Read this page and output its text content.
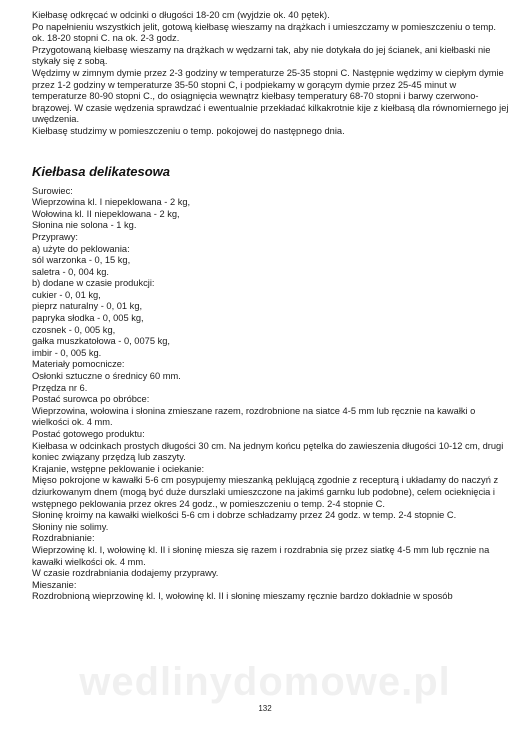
Kiełbasę odkręcać w odcinki o długości 18-20 cm (wyjdzie ok. 40 pętek).

Po napełnieniu wszystkich jelit, gotową kiełbasę wieszamy na drążkach i umieszczamy w pomieszczeniu o temp. ok. 18-20 stopni C. na ok. 2-3 godz.

Przygotowaną kiełbasę wieszamy na drążkach w wędzarni tak, aby nie dotykała do jej ścianek, ani kiełbaski nie stykały się z sobą.

Wędzimy w zimnym dymie przez 2-3 godziny w temperaturze 25-35 stopni C. Następnie wędzimy w ciepłym dymie przez 1-2 godziny w temperaturze 35-50 stopni C, i podpiekamy w gorącym dymie przez 25-45 minut w temperaturze 80-90 stopni C., do osiągnięcia wewnątrz kiełbasy temperatury 68-70 stopni i barwy czerwono-brązowej. W czasie wędzenia sprawdzać i ewentualnie przekładać kilkakrotnie kije z kiełbasą dla równomiernego jej uwędzenia.

Kiełbasę studzimy w pomieszczeniu o temp. pokojowej do następnego dnia.

Kiełbasa delikatesowa

Surowiec:

Wieprzowina kl. I niepeklowana - 2 kg,

Wołowina kl. II niepeklowana - 2 kg,

Słonina nie solona - 1 kg.

Przyprawy:

a) użyte do peklowania:

sól warzonka - 0, 15 kg,

saletra - 0, 004 kg.

b) dodane w czasie produkcji:

cukier - 0, 01 kg,

pieprz naturalny - 0, 01 kg,

papryka słodka - 0, 005 kg,

czosnek - 0, 005 kg,

gałka muszkatołowa - 0, 0075 kg,

imbir - 0, 005 kg.

Materiały pomocnicze:

Osłonki sztuczne o średnicy 60 mm.

Przędza nr 6.

Postać surowca po obróbce:

Wieprzowina, wołowina i słonina zmieszane razem, rozdrobnione na siatce 4-5 mm lub ręcznie na kawałki o wielkości ok. 4 mm.

Postać gotowego produktu:

Kiełbasa w odcinkach prostych długości 30 cm. Na jednym końcu pętelka do zawieszenia długości 10-12 cm, drugi koniec związany przędzą lub zaszyty.

Krajanie, wstępne peklowanie i ociekanie:

Mięso pokrojone w kawałki 5-6 cm posypujemy mieszanką peklującą zgodnie z recepturą i układamy do naczyń z dziurkowanym dnem (mogą być duże durszlaki umieszczone na jakimś garnku lub podobne), celem ocieknięcia i wstępnego peklowania przez okres 24 godz., w pomieszczeniu o temp. 2-4 stopnie C.

Słoninę kroimy na kawałki wielkości 5-6 cm i dobrze schładzamy przez 24 godz. w temp. 2-4 stopnie C.

Słoniny nie solimy.

Rozdrabnianie:

Wieprzowinę kl. I, wołowinę kl. II i słoninę miesza się razem i rozdrabnia się przez siatkę 4-5 mm lub ręcznie na kawałki wielkości ok. 4 mm.

W czasie rozdrabniania dodajemy przyprawy.

Mieszanie:

Rozdrobnioną wieprzowinę kl. I, wołowinę kl. II i słoninę mieszamy ręcznie bardzo dokładnie w sposób

wedlinydomowe.pl
132
